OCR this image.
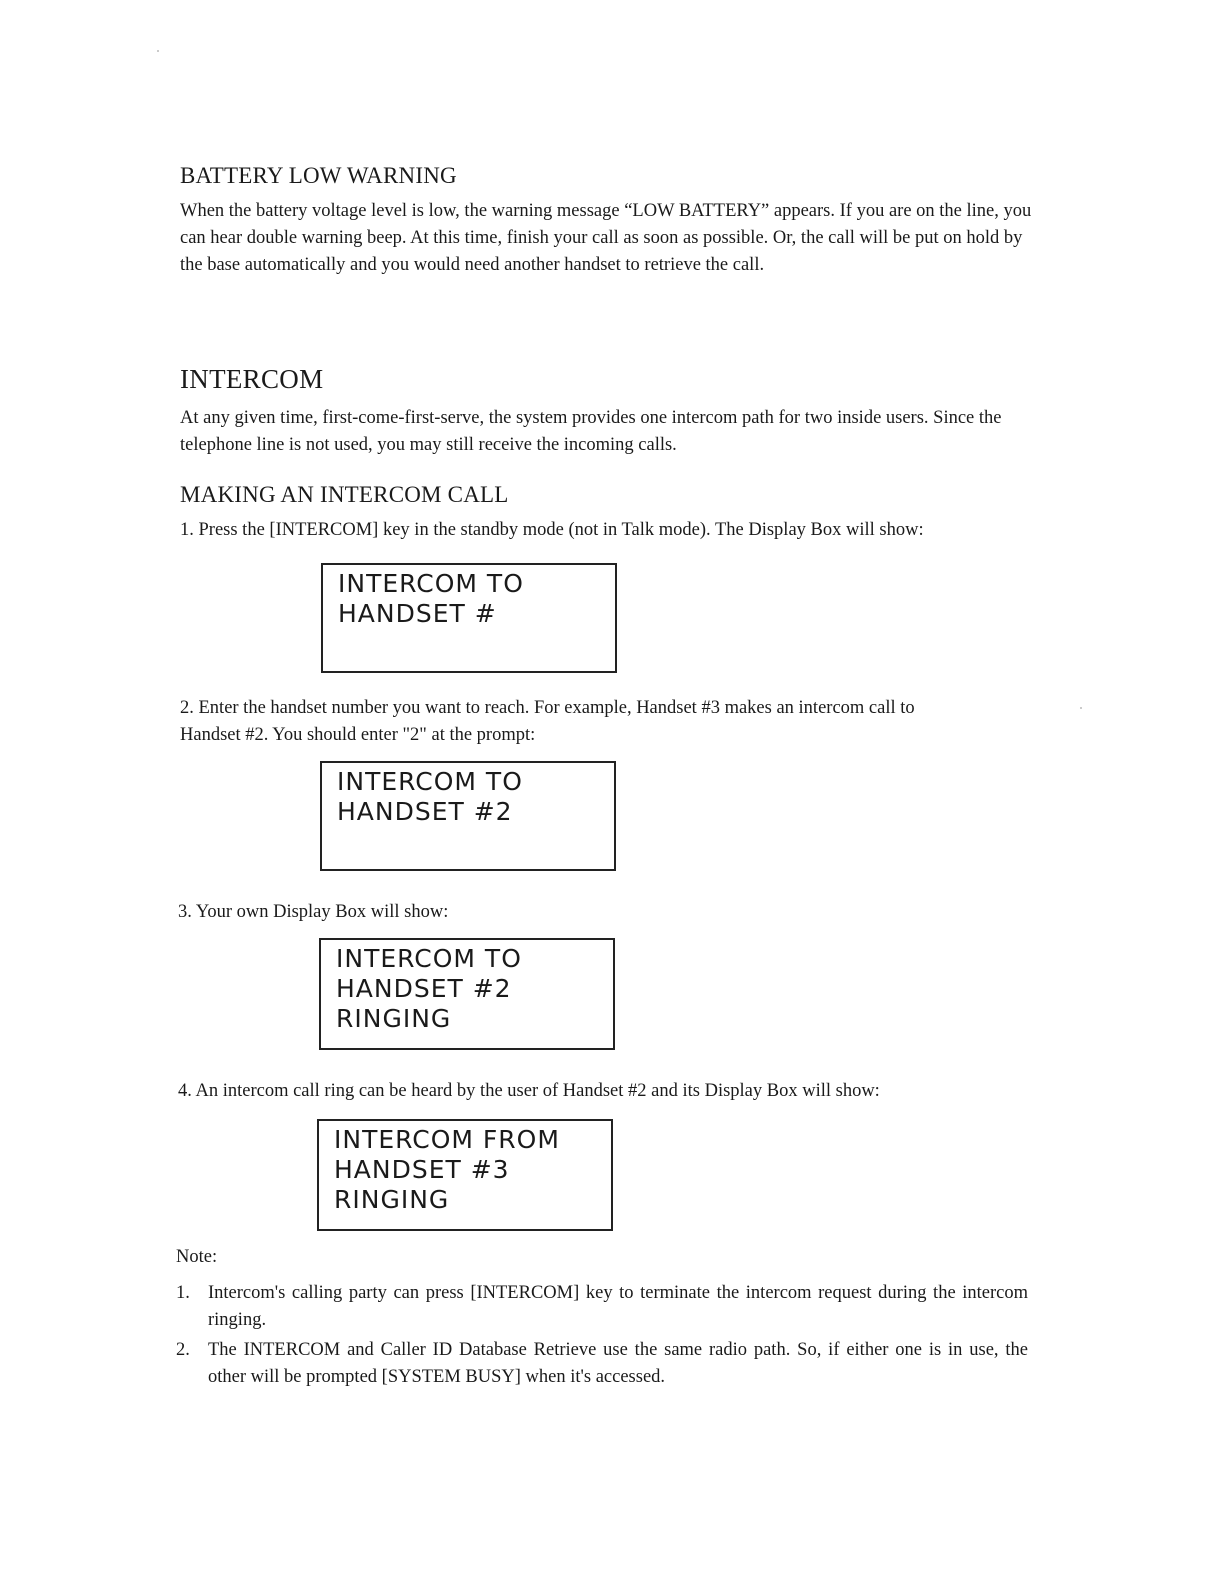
BATTERY LOW WARNING
When the battery voltage level is low, the warning message “LOW BATTERY” appears. If you are on the line, you can hear double warning beep. At this time, finish your call as soon as possible. Or, the call will be put on hold by the base automatically and you would need another handset to retrieve the call.
INTERCOM
At any given time, first-come-first-serve, the system provides one intercom path for two inside users. Since the telephone line is not used, you may still receive the incoming calls.
MAKING AN INTERCOM CALL
1. Press the [INTERCOM] key in the standby mode (not in Talk mode). The Display Box will show:
INTERCOM TO
HANDSET #
2. Enter the handset number you want to reach. For example, Handset #3 makes an intercom call to
Handset #2. You should enter "2" at the prompt:
INTERCOM TO
HANDSET #2
3. Your own Display Box will show:
INTERCOM TO
HANDSET #2
RINGING
4. An intercom call ring can be heard by the user of Handset #2 and its Display Box will show:
INTERCOM FROM
HANDSET #3
RINGING
Note:
1. Intercom's calling party can press [INTERCOM] key to terminate the intercom request during the intercom ringing.
2. The INTERCOM and Caller ID Database Retrieve use the same radio path. So, if either one is in use, the other will be prompted [SYSTEM BUSY] when it's accessed.
